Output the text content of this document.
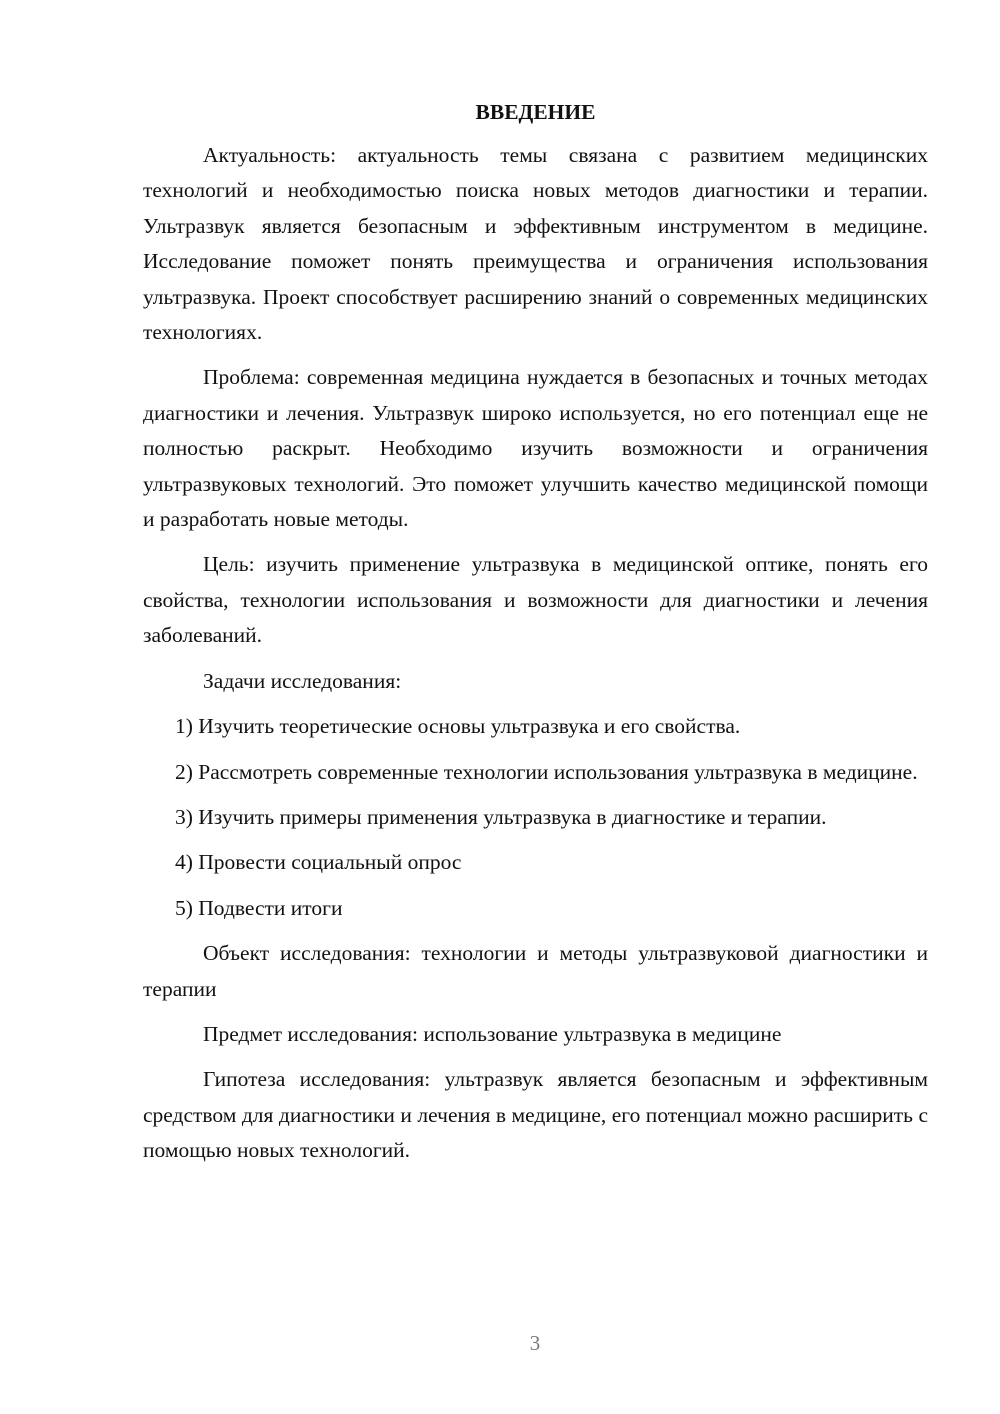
ВВЕДЕНИЕ

Актуальность: актуальность темы связана с развитием медицинских технологий и необходимостью поиска новых методов диагностики и терапии. Ультразвук является безопасным и эффективным инструментом в медицине. Исследование поможет понять преимущества и ограничения использования ультразвука. Проект способствует расширению знаний о современных медицинских технологиях.

Проблема: современная медицина нуждается в безопасных и точных методах диагностики и лечения. Ультразвук широко используется, но его потенциал еще не полностью раскрыт. Необходимо изучить возможности и ограничения ультразвуковых технологий. Это поможет улучшить качество медицинской помощи и разработать новые методы.

Цель: изучить применение ультразвука в медицинской оптике, понять его свойства, технологии использования и возможности для диагностики и лечения заболеваний.

Задачи исследования:

1) Изучить теоретические основы ультразвука и его свойства.

2) Рассмотреть современные технологии использования ультразвука в медицине.

3) Изучить примеры применения ультразвука в диагностике и терапии.

4) Провести социальный опрос

5) Подвести итоги

Объект исследования: технологии и методы ультразвуковой диагностики и терапии

Предмет исследования: использование ультразвука в медицине

Гипотеза исследования: ультразвук является безопасным и эффективным средством для диагностики и лечения в медицине, его потенциал можно расширить с помощью новых технологий.

3
